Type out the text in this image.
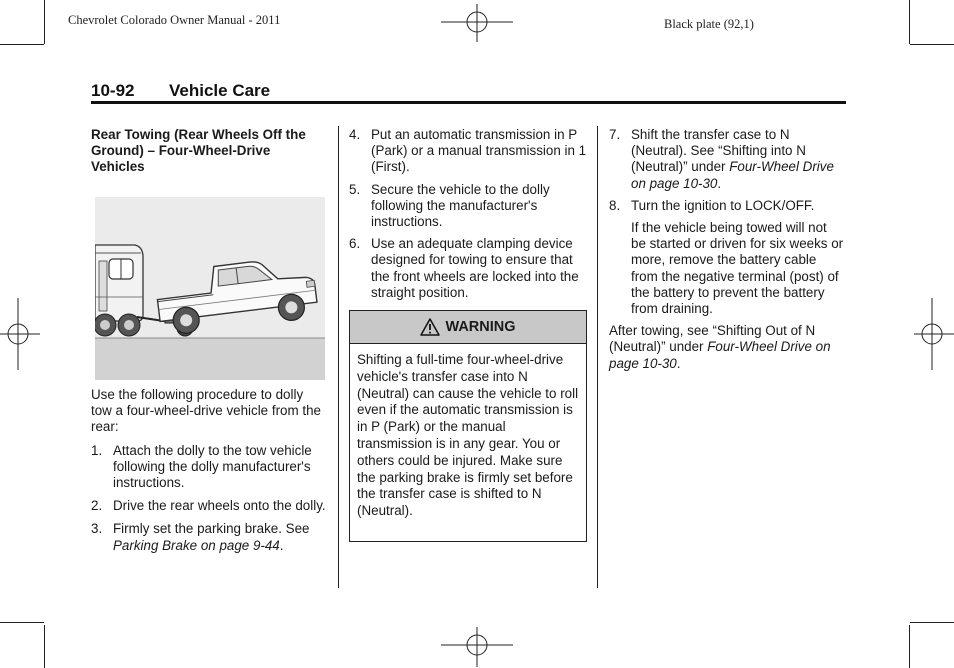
Chevrolet Colorado Owner Manual - 2011	Black plate (92,1)
10-92 Vehicle Care

Rear Towing (Rear Wheels Off the Ground) – Four-Wheel-Drive Vehicles

Use the following procedure to dolly tow a four-wheel-drive vehicle from the rear:

1. Attach the dolly to the tow vehicle following the dolly manufacturer's instructions.
2. Drive the rear wheels onto the dolly.
3. Firmly set the parking brake. See Parking Brake on page 9-44.
4. Put an automatic transmission in P (Park) or a manual transmission in 1 (First).
5. Secure the vehicle to the dolly following the manufacturer's instructions.
6. Use an adequate clamping device designed for towing to ensure that the front wheels are locked into the straight position.
WARNING
Shifting a full-time four-wheel-drive vehicle's transfer case into N (Neutral) can cause the vehicle to roll even if the automatic transmission is in P (Park) or the manual transmission is in any gear. You or others could be injured. Make sure the parking brake is firmly set before the transfer case is shifted to N (Neutral).
7. Shift the transfer case to N (Neutral). See “Shifting into N (Neutral)” under Four-Wheel Drive on page 10-30.
8. Turn the ignition to LOCK/OFF.

If the vehicle being towed will not be started or driven for six weeks or more, remove the battery cable from the negative terminal (post) of the battery to prevent the battery from draining.

After towing, see “Shifting Out of N (Neutral)” under Four-Wheel Drive on page 10-30.
